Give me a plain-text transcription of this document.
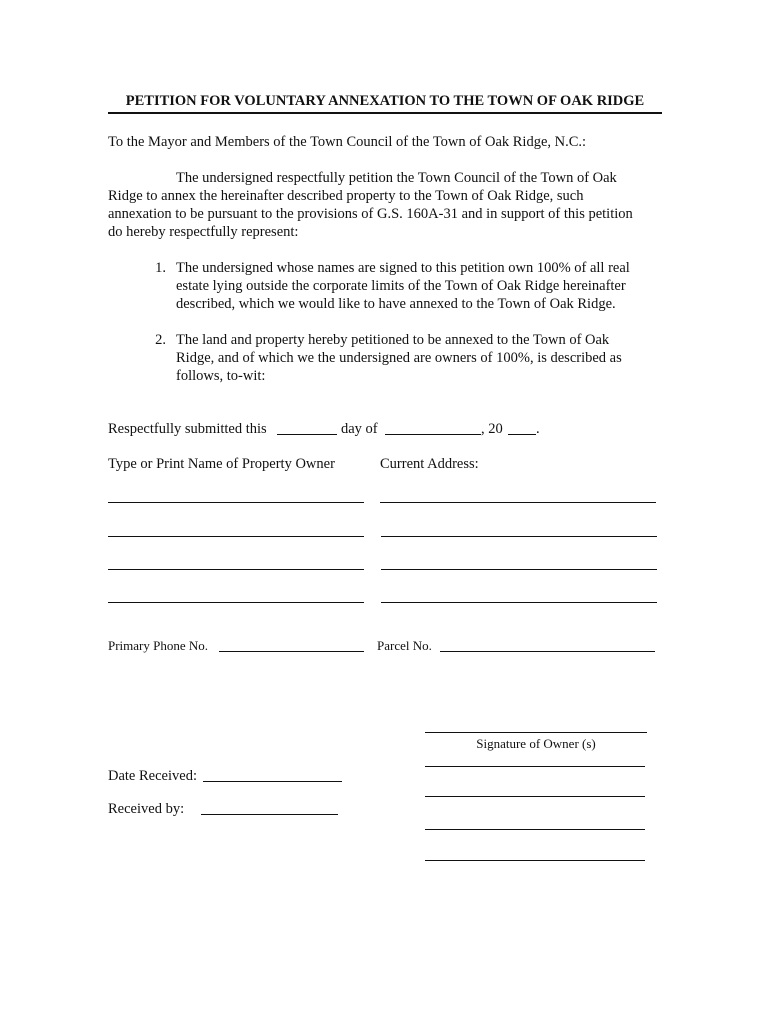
PETITION FOR VOLUNTARY ANNEXATION TO THE TOWN OF OAK RIDGE
To the Mayor and Members of the Town Council of the Town of Oak Ridge, N.C.:
The undersigned respectfully petition the Town Council of the Town of Oak
Ridge to annex the hereinafter described property to the Town of Oak Ridge, such
annexation to be pursuant to the provisions of G.S. 160A-31 and in support of this petition
do hereby respectfully represent:
1. The undersigned whose names are signed to this petition own 100% of all real
estate lying outside the corporate limits of the Town of Oak Ridge hereinafter
described, which we would like to have annexed to the Town of Oak Ridge.
2. The land and property hereby petitioned to be annexed to the Town of Oak
Ridge, and of which we the undersigned are owners of 100%, is described as
follows, to-wit:
Respectfully submitted this	day of	, 20 .
Type or Print Name of Property Owner	Current Address:
Primary Phone No.	Parcel No.
Signature of Owner (s)
Date Received:
Received by:
